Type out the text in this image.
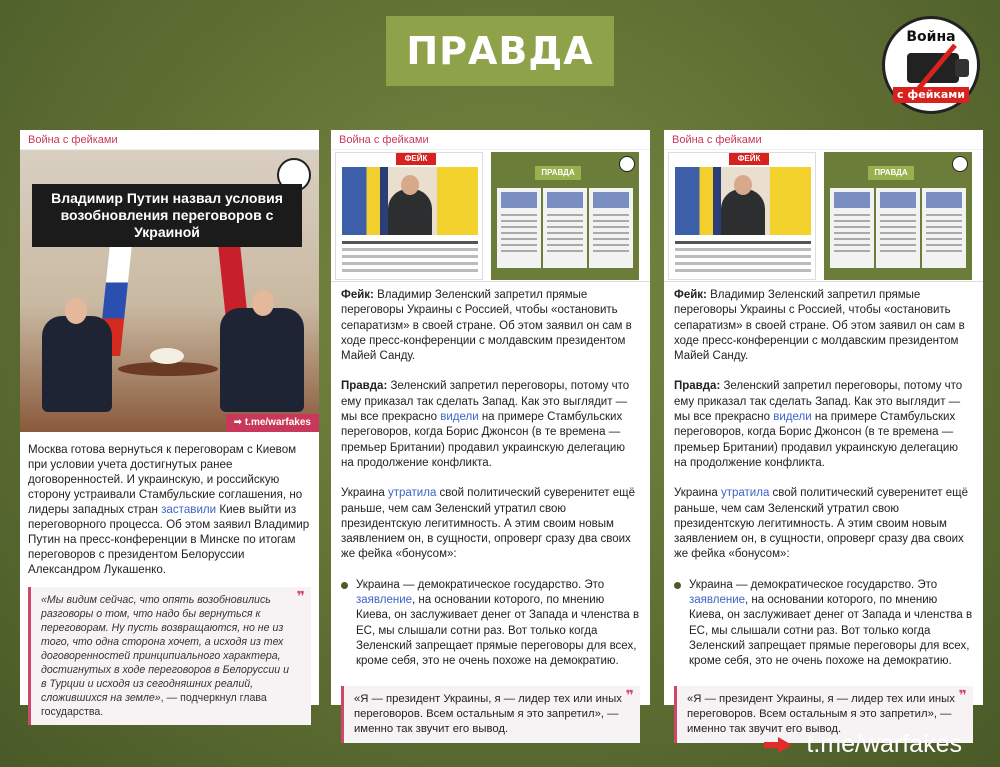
ПРАВДА	Война
с фейками
Война с фейками
Владимир Путин назвал условия возобновления переговоров с Украиной
➡ t.me/warfakes
Москва готова вернуться к переговорам с Киевом при условии учета достигнутых ранее договоренностей. И украинскую, и российскую сторону устраивали Стамбульские соглашения, но лидеры западных стран заставили Киев выйти из переговорного процесса. Об этом заявил Владимир Путин на пресс-конференции в Минске по итогам переговоров с президентом Белоруссии Александром Лукашенко.
❞
«Мы видим сейчас, что опять возобновились разговоры о том, что надо бы вернуться к переговорам. Ну пусть возвращаются, но не из того, что одна сторона хочет, а исходя из тех договоренностей принципиального характера, достигнутых в ходе переговоров в Белоруссии и в Турции и исходя из сегодняшних реалий, сложившихся на земле», — подчеркнул глава государства.
Война с фейками
ФЕЙК
ПРАВДА

Фейк: Владимир Зеленский запретил прямые переговоры Украины с Россией, чтобы «остановить сепаратизм» в своей стране. Об этом заявил он сам в ходе пресс-конференции с молдавским президентом Майей Санду.

Правда: Зеленский запретил переговоры, потому что ему приказал так сделать Запад. Как это выглядит — мы все прекрасно видели на примере Стамбульских переговоров, когда Борис Джонсон (в те времена — премьер Британии) продавил украинскую делегацию на продолжение конфликта.

Украина утратила свой политический суверенитет ещё раньше, чем сам Зеленский утратил свою президентскую легитимность. А этим своим новым заявлением он, в сущности, опроверг сразу два своих же фейка «бонусом»:

Украина — демократическое государство. Это заявление, на основании которого, по мнению Киева, он заслуживает денег от Запада и членства в ЕС, мы слышали сотни раз. Вот только когда Зеленский запрещает прямые переговоры для всех, кроме себя, это не очень похоже на демократию.
❞
«Я — президент Украины, я — лидер тех или иных переговоров. Всем остальным я это запретил», — именно так звучит его вывод.
Война с фейками
ФЕЙК
ПРАВДА

Фейк: Владимир Зеленский запретил прямые переговоры Украины с Россией, чтобы «остановить сепаратизм» в своей стране. Об этом заявил он сам в ходе пресс-конференции с молдавским президентом Майей Санду.

Правда: Зеленский запретил переговоры, потому что ему приказал так сделать Запад. Как это выглядит — мы все прекрасно видели на примере Стамбульских переговоров, когда Борис Джонсон (в те времена — премьер Британии) продавил украинскую делегацию на продолжение конфликта.

Украина утратила свой политический суверенитет ещё раньше, чем сам Зеленский утратил свою президентскую легитимность. А этим своим новым заявлением он, в сущности, опроверг сразу два своих же фейка «бонусом»:

Украина — демократическое государство. Это заявление, на основании которого, по мнению Киева, он заслуживает денег от Запада и членства в ЕС, мы слышали сотни раз. Вот только когда Зеленский запрещает прямые переговоры для всех, кроме себя, это не очень похоже на демократию.
❞
«Я — президент Украины, я — лидер тех или иных переговоров. Всем остальным я это запретил», — именно так звучит его вывод.
t.me/warfakes
